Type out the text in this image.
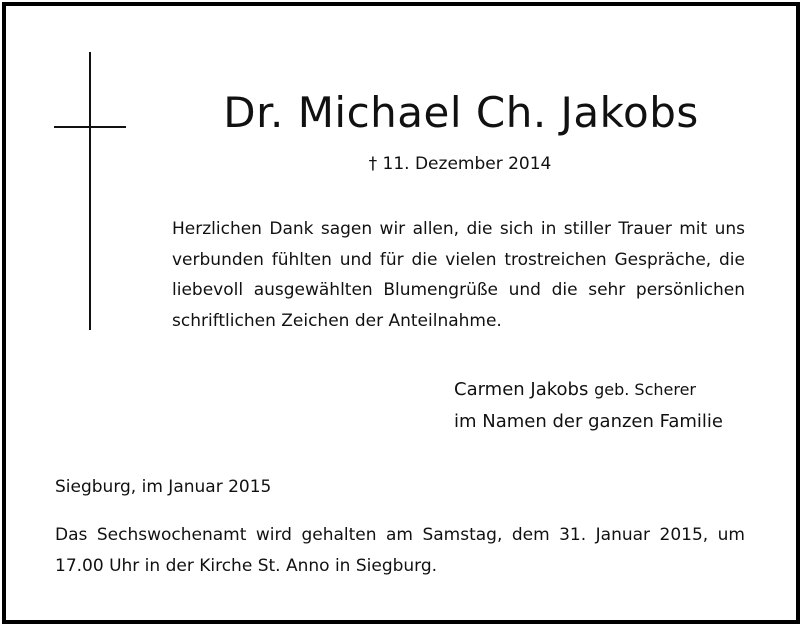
Dr. Michael Ch. Jakobs
† 11. Dezember 2014
Herzlichen Dank sagen wir allen, die sich in stiller Trauer mit uns
verbunden fühlten und für die vielen trostreichen Gespräche, die
liebevoll ausgewählten Blumengrüße und die sehr persönlichen
schriftlichen Zeichen der Anteilnahme.
Carmen Jakobs geb. Scherer
im Namen der ganzen Familie
Siegburg, im Januar 2015
Das Sechswochenamt wird gehalten am Samstag, dem 31. Januar 2015, um
17.00 Uhr in der Kirche St. Anno in Siegburg.
